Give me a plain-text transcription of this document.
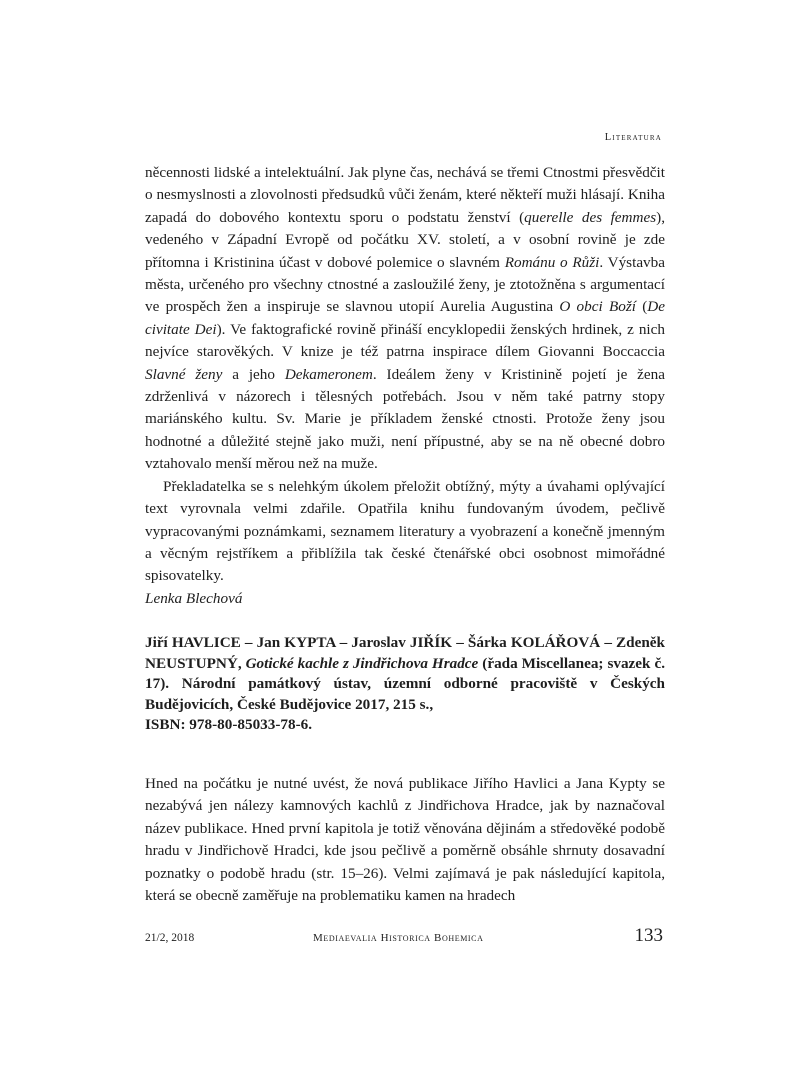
Literatura

něcennosti lidské a intelektuální. Jak plyne čas, nechává se třemi Ctnostmi přesvědčit o nesmyslnosti a zlovolnosti předsudků vůči ženám, které někteří muži hlásají. Kniha zapadá do dobového kontextu sporu o podstatu ženství (querelle des femmes), vedeného v Západní Evropě od počátku XV. století, a v osobní rovině je zde přítomna i Kristinina účast v dobové polemice o slavném Románu o Růži. Výstavba města, určeného pro všechny ctnostné a zasloužilé ženy, je ztotožněna s argumentací ve prospěch žen a inspiruje se slavnou utopií Aurelia Augustina O obci Boží (De civitate Dei). Ve faktografické rovině přináší encyklopedii ženských hrdinek, z nich nejvíce starověkých. V knize je též patrna inspirace dílem Giovanni Boccaccia Slavné ženy a jeho Dekameronem. Ideálem ženy v Kristinině pojetí je žena zdrženlivá v názorech i tělesných potřebách. Jsou v něm také patrny stopy mariánského kultu. Sv. Marie je příkladem ženské ctnosti. Protože ženy jsou hodnotné a důležité stejně jako muži, není přípustné, aby se na ně obecné dobro vztahovalo menší měrou než na muže.

Překladatelka se s nelehkým úkolem přeložit obtížný, mýty a úvahami oplývající text vyrovnala velmi zdařile. Opatřila knihu fundovaným úvodem, pečlivě vypracovanými poznámkami, seznamem literatury a vyobrazení a konečně jmenným a věcným rejstříkem a přiblížila tak české čtenářské obci osobnost mimořádné spisovatelky.

Lenka Blechová

Jiří HAVLICE – Jan KYPTA – Jaroslav JIŘÍK – Šárka KOLÁŘOVÁ – Zdeněk NEUSTUPNÝ, Gotické kachle z Jindřichova Hradce (řada Miscellanea; svazek č. 17). Národní památkový ústav, územní odborné pracoviště v Českých Budějovicích, České Budějovice 2017, 215 s.,

ISBN: 978-80-85033-78-6.

Hned na počátku je nutné uvést, že nová publikace Jiřího Havlici a Jana Kypty se nezabývá jen nálezy kamnových kachlů z Jindřichova Hradce, jak by naznačoval název publikace. Hned první kapitola je totiž věnována dějinám a středověké podobě hradu v Jindřichově Hradci, kde jsou pečlivě a poměrně obsáhle shrnuty dosavadní poznatky o podobě hradu (str. 15–26). Velmi zajímavá je pak následující kapitola, která se obecně zaměřuje na problematiku kamen na hradech

21/2, 2018	Mediaevalia Historica Bohemica	133
